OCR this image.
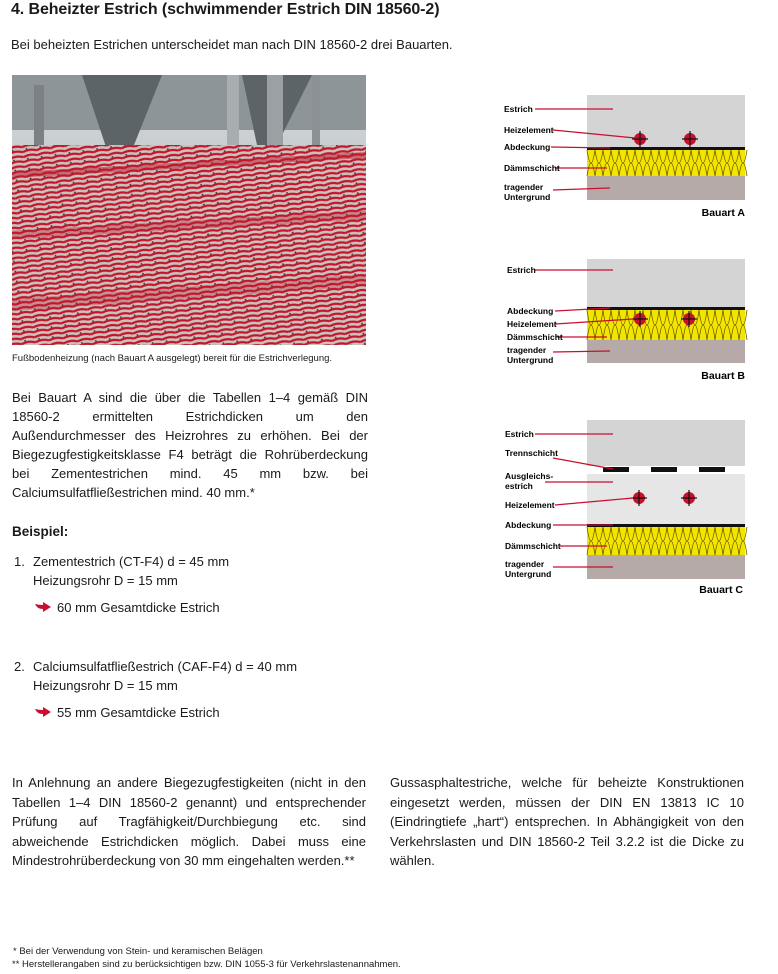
4. Beheizter Estrich (schwimmender Estrich DIN 18560-2)
Bei beheizten Estrichen unterscheidet man nach DIN 18560-2 drei Bauarten.
Fußbodenheizung (nach Bauart A ausgelegt) bereit für die Estrichverlegung.
Bei Bauart A sind die über die Tabellen 1–4 gemäß DIN 18560-2 ermittelten Estrichdicken um den Außendurchmesser des Heizrohres zu erhöhen. Bei der Biegezugfestigkeitsklasse F4 beträgt die Rohrüberdeckung bei Zementestrichen mind. 45 mm bzw. bei Calciumsulfatfließestrichen mind. 40 mm.*
Beispiel:
1. Zementestrich (CT-F4) d = 45 mm
Heizungsrohr D = 15 mm
60 mm Gesamtdicke Estrich
2. Calciumsulfatfließestrich (CAF-F4) d = 40 mm
Heizungsrohr D = 15 mm
55 mm Gesamtdicke Estrich
In Anlehnung an andere Biegezugfestigkeiten (nicht in den Tabellen 1–4 DIN 18560-2 genannt) und entsprechender Prüfung auf Tragfähigkeit/Durchbiegung etc. sind abweichende Estrichdicken möglich. Dabei muss eine Mindestrohrüberdeckung von 30 mm eingehalten werden.**
Gussasphaltestriche, welche für beheizte Konstruktionen eingesetzt werden, müssen der DIN EN 13813 IC 10 (Eindringtiefe „hart“) entsprechen. In Abhängigkeit von den Verkehrslasten und DIN 18560-2 Teil 3.2.2 ist die Dicke zu wählen.
* Bei der Verwendung von Stein- und keramischen Belägen
** Herstellerangaben sind zu berücksichtigen bzw. DIN 1055-3 für Verkehrslastenannahmen.
Estrich
Heizelement
Abdeckung
Dämmschicht
tragender
Untergrund
Bauart A
Estrich
Abdeckung
Heizelement
Dämmschicht
tragender
Untergrund
Bauart B
Estrich
Trennschicht
Ausgleichs-
estrich
Heizelement
Abdeckung
Dämmschicht
tragender
Untergrund
Bauart C
